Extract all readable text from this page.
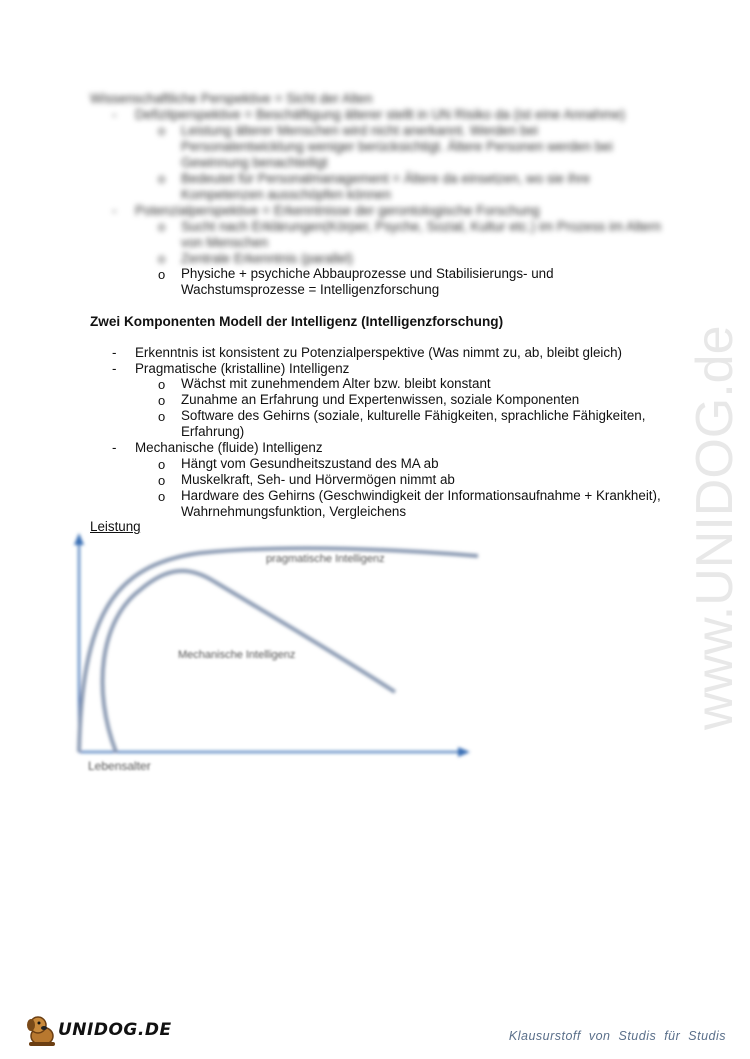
Wissenschaftliche Perspektive = Sicht der Alten
- Defizitperspektive = Beschäftigung älterer stellt in UN Risiko da (ist eine Annahme)
o Leistung älterer Menschen wird nicht anerkannt. Werden bei
Personalentwicklung weniger berücksichtigt. Ältere Personen werden bei
Gewinnung benachteiligt
o Bedeutet für Personalmanagement = Ältere da einsetzen, wo sie ihre
Kompetenzen ausschöpfen können
- Potenzialperspektive = Erkenntnisse der gerontologische Forschung
o Sucht nach Erklärungen(Körper, Psyche, Sozial, Kultur etc.) im Prozess im Altern
von Menschen
o Zentrale Erkenntnis (parallel)
o Physiche + psychiche Abbauprozesse und Stabilisierungs- und
Wachstumsprozesse = Intelligenzforschung
Zwei Komponenten Modell der Intelligenz (Intelligenzforschung)
- Erkenntnis ist konsistent zu Potenzialperspektive (Was nimmt zu, ab, bleibt gleich)
- Pragmatische (kristalline) Intelligenz
o Wächst mit zunehmendem Alter bzw. bleibt konstant
o Zunahme an Erfahrung und Expertenwissen, soziale Komponenten
o Software des Gehirns (soziale, kulturelle Fähigkeiten, sprachliche Fähigkeiten,
Erfahrung)
- Mechanische (fluide) Intelligenz
o Hängt vom Gesundheitszustand des MA ab
o Muskelkraft, Seh- und Hörvermögen nimmt ab
o Hardware des Gehirns (Geschwindigkeit der Informationsaufnahme + Krankheit),
Wahrnehmungsfunktion, Vergleichens
Leistung
pragmatische Intelligenz
Mechanische Intelligenz
Lebensalter
www.UNIDOG.de
UNIDOG.DE	Klausurstoff von Studis für Studis
